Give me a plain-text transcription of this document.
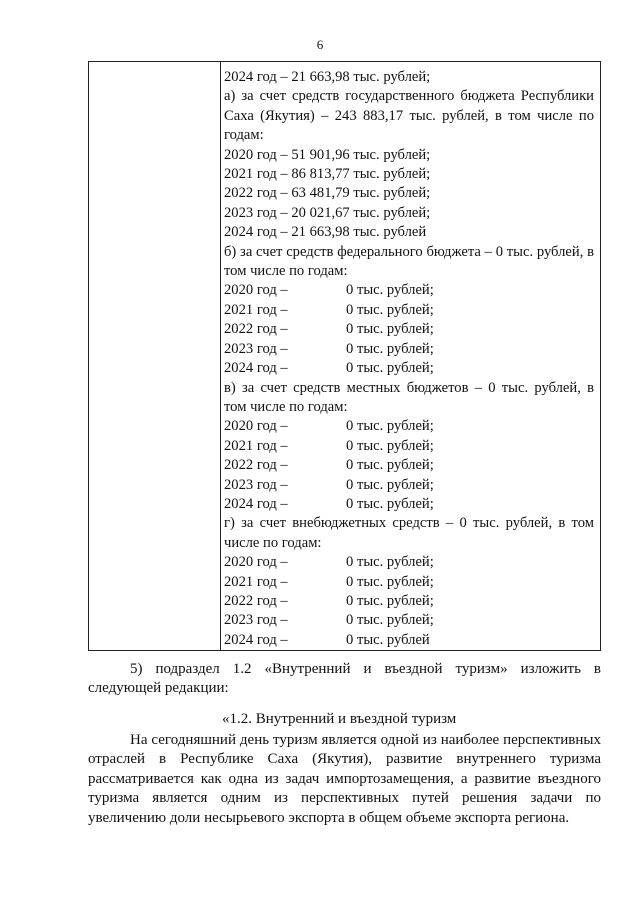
6
2024 год – 21 663,98 тыс. рублей;
а) за счет средств государственного бюджета Республики Саха (Якутия) – 243 883,17 тыс. рублей, в том числе по годам:
2020 год – 51 901,96 тыс. рублей;
2021 год – 86 813,77 тыс. рублей;
2022 год – 63 481,79 тыс. рублей;
2023 год – 20 021,67 тыс. рублей;
2024 год – 21 663,98 тыс. рублей
б) за счет средств федерального бюджета – 0 тыс. рублей, в том числе по годам:
2020 год –	0 тыс. рублей;
2021 год –	0 тыс. рублей;
2022 год –	0 тыс. рублей;
2023 год –	0 тыс. рублей;
2024 год –	0 тыс. рублей;
в) за счет средств местных бюджетов – 0 тыс. рублей, в том числе по годам:
2020 год –	0 тыс. рублей;
2021 год –	0 тыс. рублей;
2022 год –	0 тыс. рублей;
2023 год –	0 тыс. рублей;
2024 год –	0 тыс. рублей;
г) за счет внебюджетных средств – 0 тыс. рублей, в том числе по годам:
2020 год –	0 тыс. рублей;
2021 год –	0 тыс. рублей;
2022 год –	0 тыс. рублей;
2023 год –	0 тыс. рублей;
2024 год –	0 тыс. рублей
5) подраздел 1.2 «Внутренний и въездной туризм» изложить в следующей редакции:
«1.2. Внутренний и въездной туризм
На сегодняшний день туризм является одной из наиболее перспективных отраслей в Республике Саха (Якутия), развитие внутреннего туризма рассматривается как одна из задач импортозамещения, а развитие въездного туризма является одним из перспективных путей решения задачи по увеличению доли несырьевого экспорта в общем объеме экспорта региона.
